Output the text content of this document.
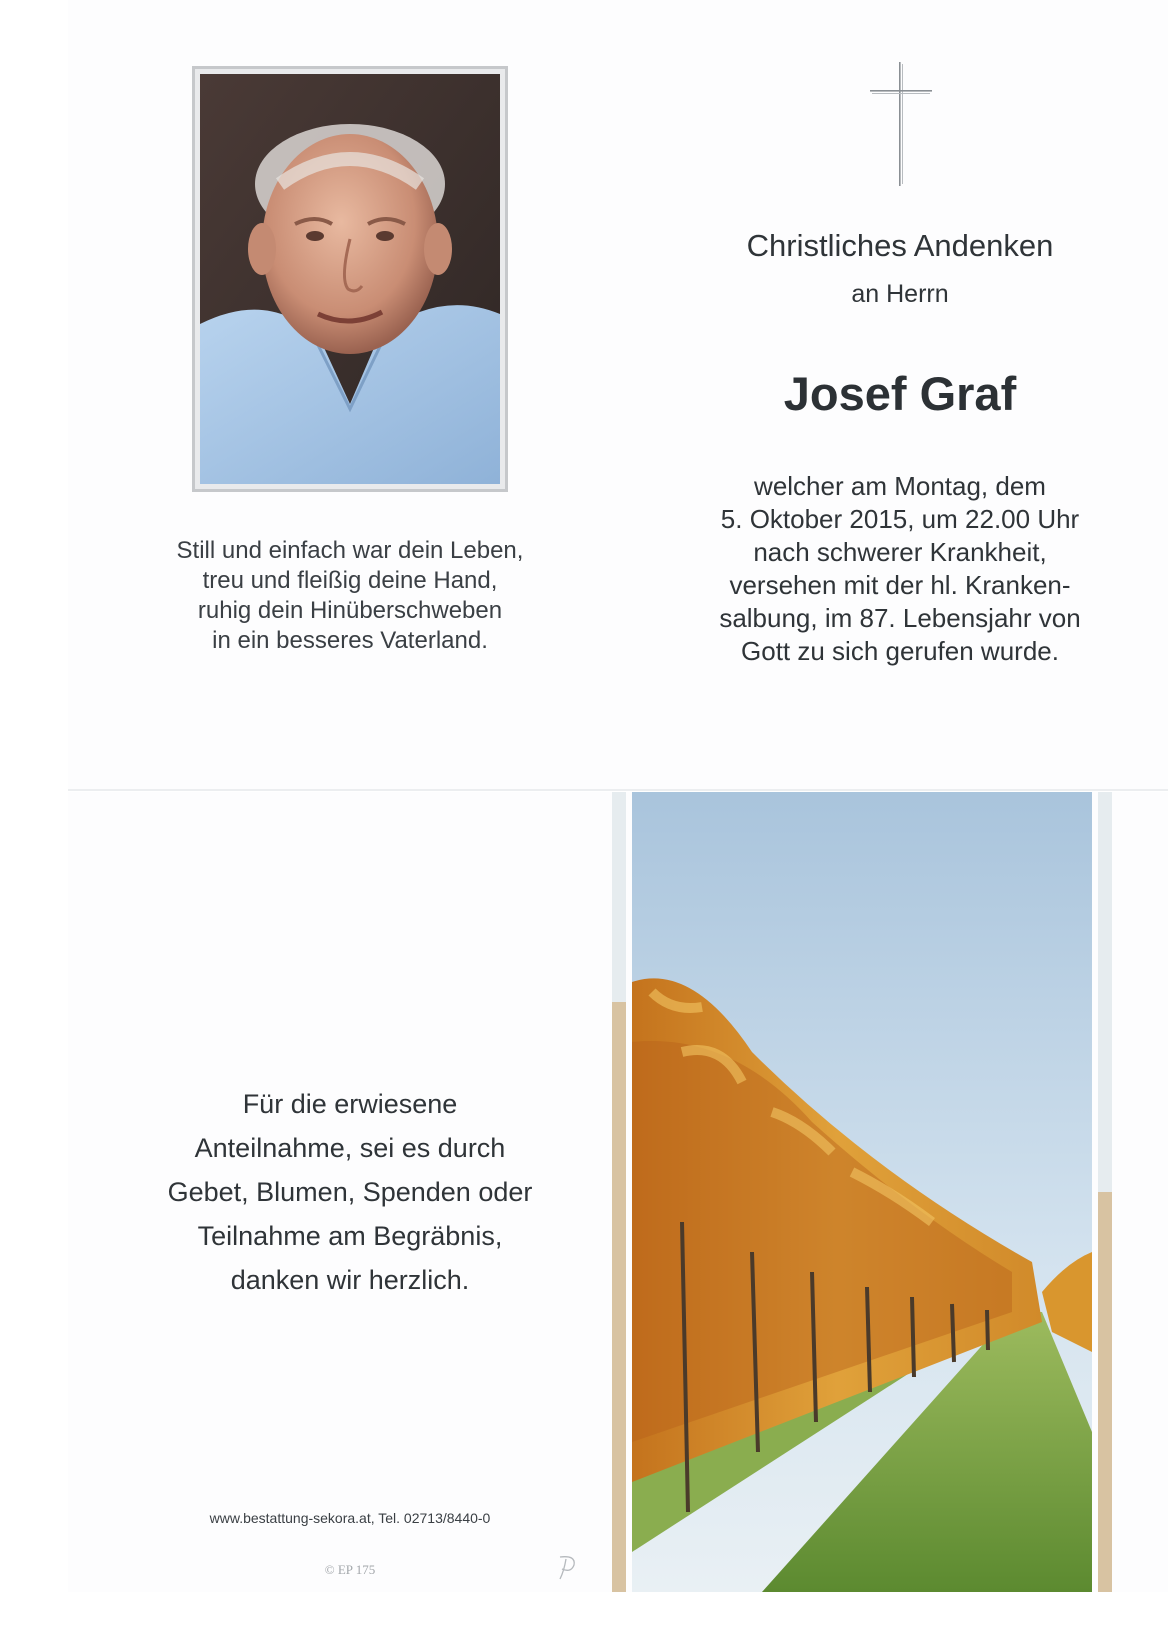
Still und einfach war dein Leben,
treu und fleißig deine Hand,
ruhig dein Hinüberschweben
in ein besseres Vaterland.
Christliches Andenken
an Herrn
Josef Graf
welcher am Montag, dem
5. Oktober 2015, um 22.00 Uhr
nach schwerer Krankheit,
versehen mit der hl. Kranken-
salbung, im 87. Lebensjahr von
Gott zu sich gerufen wurde.
Für die erwiesene
Anteilnahme, sei es durch
Gebet, Blumen, Spenden oder
Teilnahme am Begräbnis,
danken wir herzlich.
www.bestattung-sekora.at, Tel. 02713/8440-0
© EP 175
